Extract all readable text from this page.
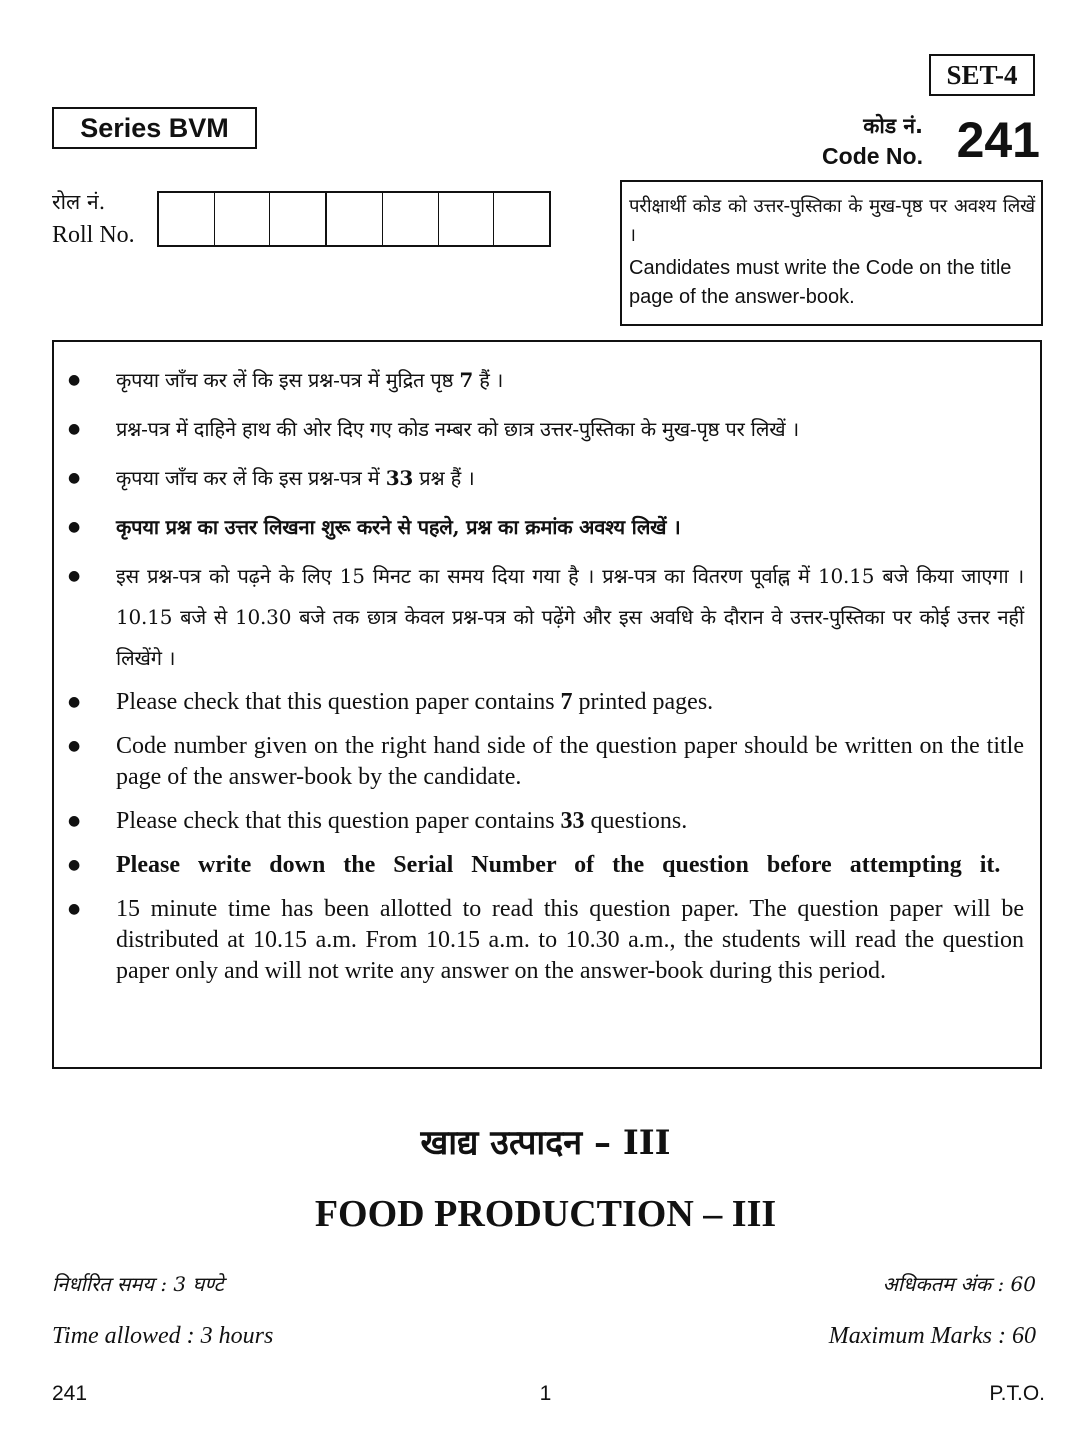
SET-4
Series BVM	कोड नं.
Code No. 241
रोल नं.
Roll No.
परीक्षार्थी कोड को उत्तर-पुस्तिका के मुख-पृष्ठ पर अवश्य लिखें ।
Candidates must write the Code on the title page of the answer-book.
● कृपया जाँच कर लें कि इस प्रश्न-पत्र में मुद्रित पृष्ठ 7 हैं ।
● प्रश्न-पत्र में दाहिने हाथ की ओर दिए गए कोड नम्बर को छात्र उत्तर-पुस्तिका के मुख-पृष्ठ पर लिखें ।
● कृपया जाँच कर लें कि इस प्रश्न-पत्र में 33 प्रश्न हैं ।
● कृपया प्रश्न का उत्तर लिखना शुरू करने से पहले, प्रश्न का क्रमांक अवश्य लिखें ।
● इस प्रश्न-पत्र को पढ़ने के लिए 15 मिनट का समय दिया गया है । प्रश्न-पत्र का वितरण पूर्वाह्न में 10.15 बजे किया जाएगा । 10.15 बजे से 10.30 बजे तक छात्र केवल प्रश्न-पत्र को पढ़ेंगे और इस अवधि के दौरान वे उत्तर-पुस्तिका पर कोई उत्तर नहीं लिखेंगे ।
● Please check that this question paper contains 7 printed pages.
● Code number given on the right hand side of the question paper should be written on the title page of the answer-book by the candidate.
● Please check that this question paper contains 33 questions.
● Please write down the Serial Number of the question before attempting it.
● 15 minute time has been allotted to read this question paper. The question paper will be distributed at 10.15 a.m. From 10.15 a.m. to 10.30 a.m., the students will read the question paper only and will not write any answer on the answer-book during this period.
खाद्य उत्पादन – III
FOOD PRODUCTION – III
निर्धारित समय : 3 घण्टे	अधिकतम अंक : 60
Time allowed : 3 hours	Maximum Marks : 60
241	1	P.T.O.
